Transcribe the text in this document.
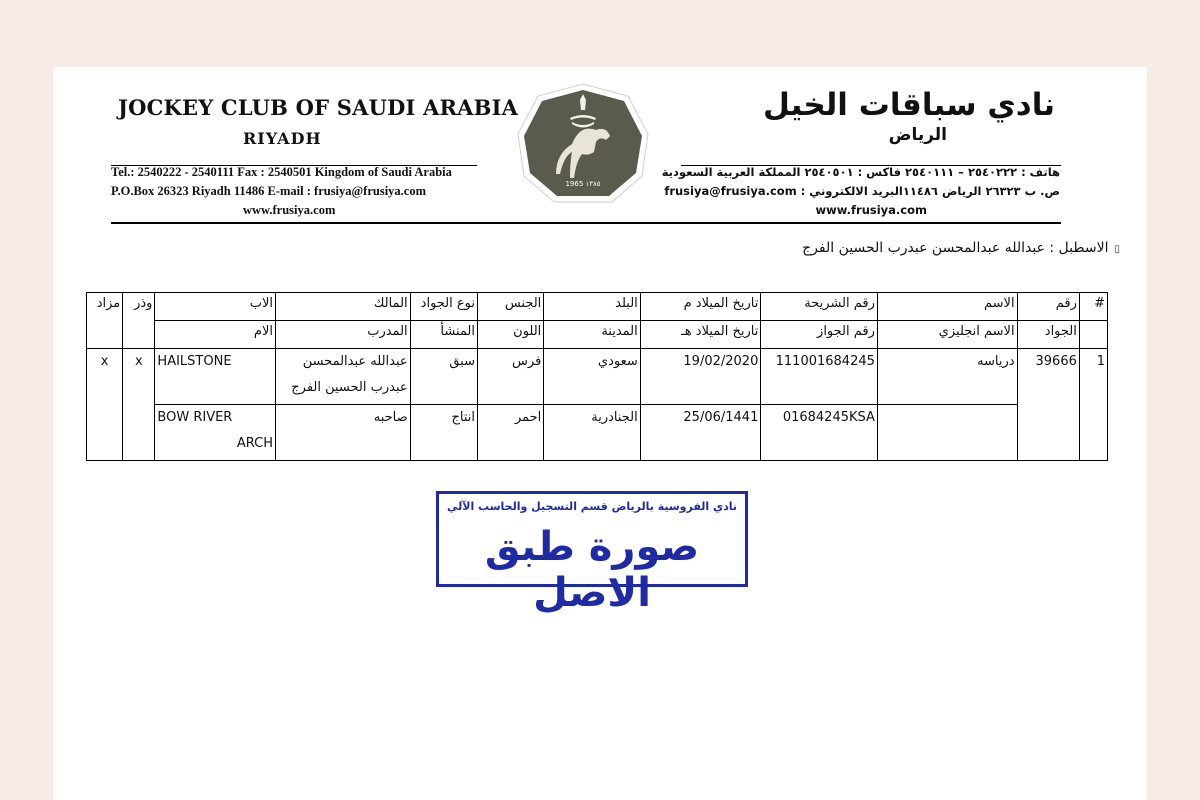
JOCKEY CLUB OF SAUDI ARABIA
RIYADH
Tel.: 2540222 - 2540111 Fax : 2540501 Kingdom of Saudi Arabia
P.O.Box 26323 Riyadh 11486 E-mail : frusiya@frusiya.com
www.frusiya.com
1965 ١٣٨٥
نادي سباقات الخيل
الرياض
هاتف : ٢٥٤٠٢٢٢ – ٢٥٤٠١١١ فاكس : ٢٥٤٠٥٠١ المملكة العربية السعودية
ص. ب ٢٦٣٢٣ الرياض ١١٤٨٦البريد الالكتروني : frusiya@frusiya.com
www.frusiya.com
▯الاسطبل : عبدالله عبدالمحسن عبدرب الحسين الفرج
#	رقم	الاسم	رقم الشريحة	تاريخ الميلاد م	البلد	الجنس	نوع الجواد	المالك	الاب	وذر	مزاد
	الجواد	الاسم انجليزي	رقم الجواز	تاريخ الميلاد هـ	المدينة	اللون	المنشأ	المدرب	الام		
1	39666	درياسه	111001684245	19/02/2020	سعودي	فرس	سبق	عبدالله عبدالمحسن
عبدرب الحسين الفرج	HAILSTONE	x	x
			01684245KSA	25/06/1441	الجنادرية	احمر	انتاج	صاحبه	BOW RIVER
ARCH		
نادي الفروسية بالرياض
قسم التسجيل والحاسب الآلي
صورة طبق الاصل
